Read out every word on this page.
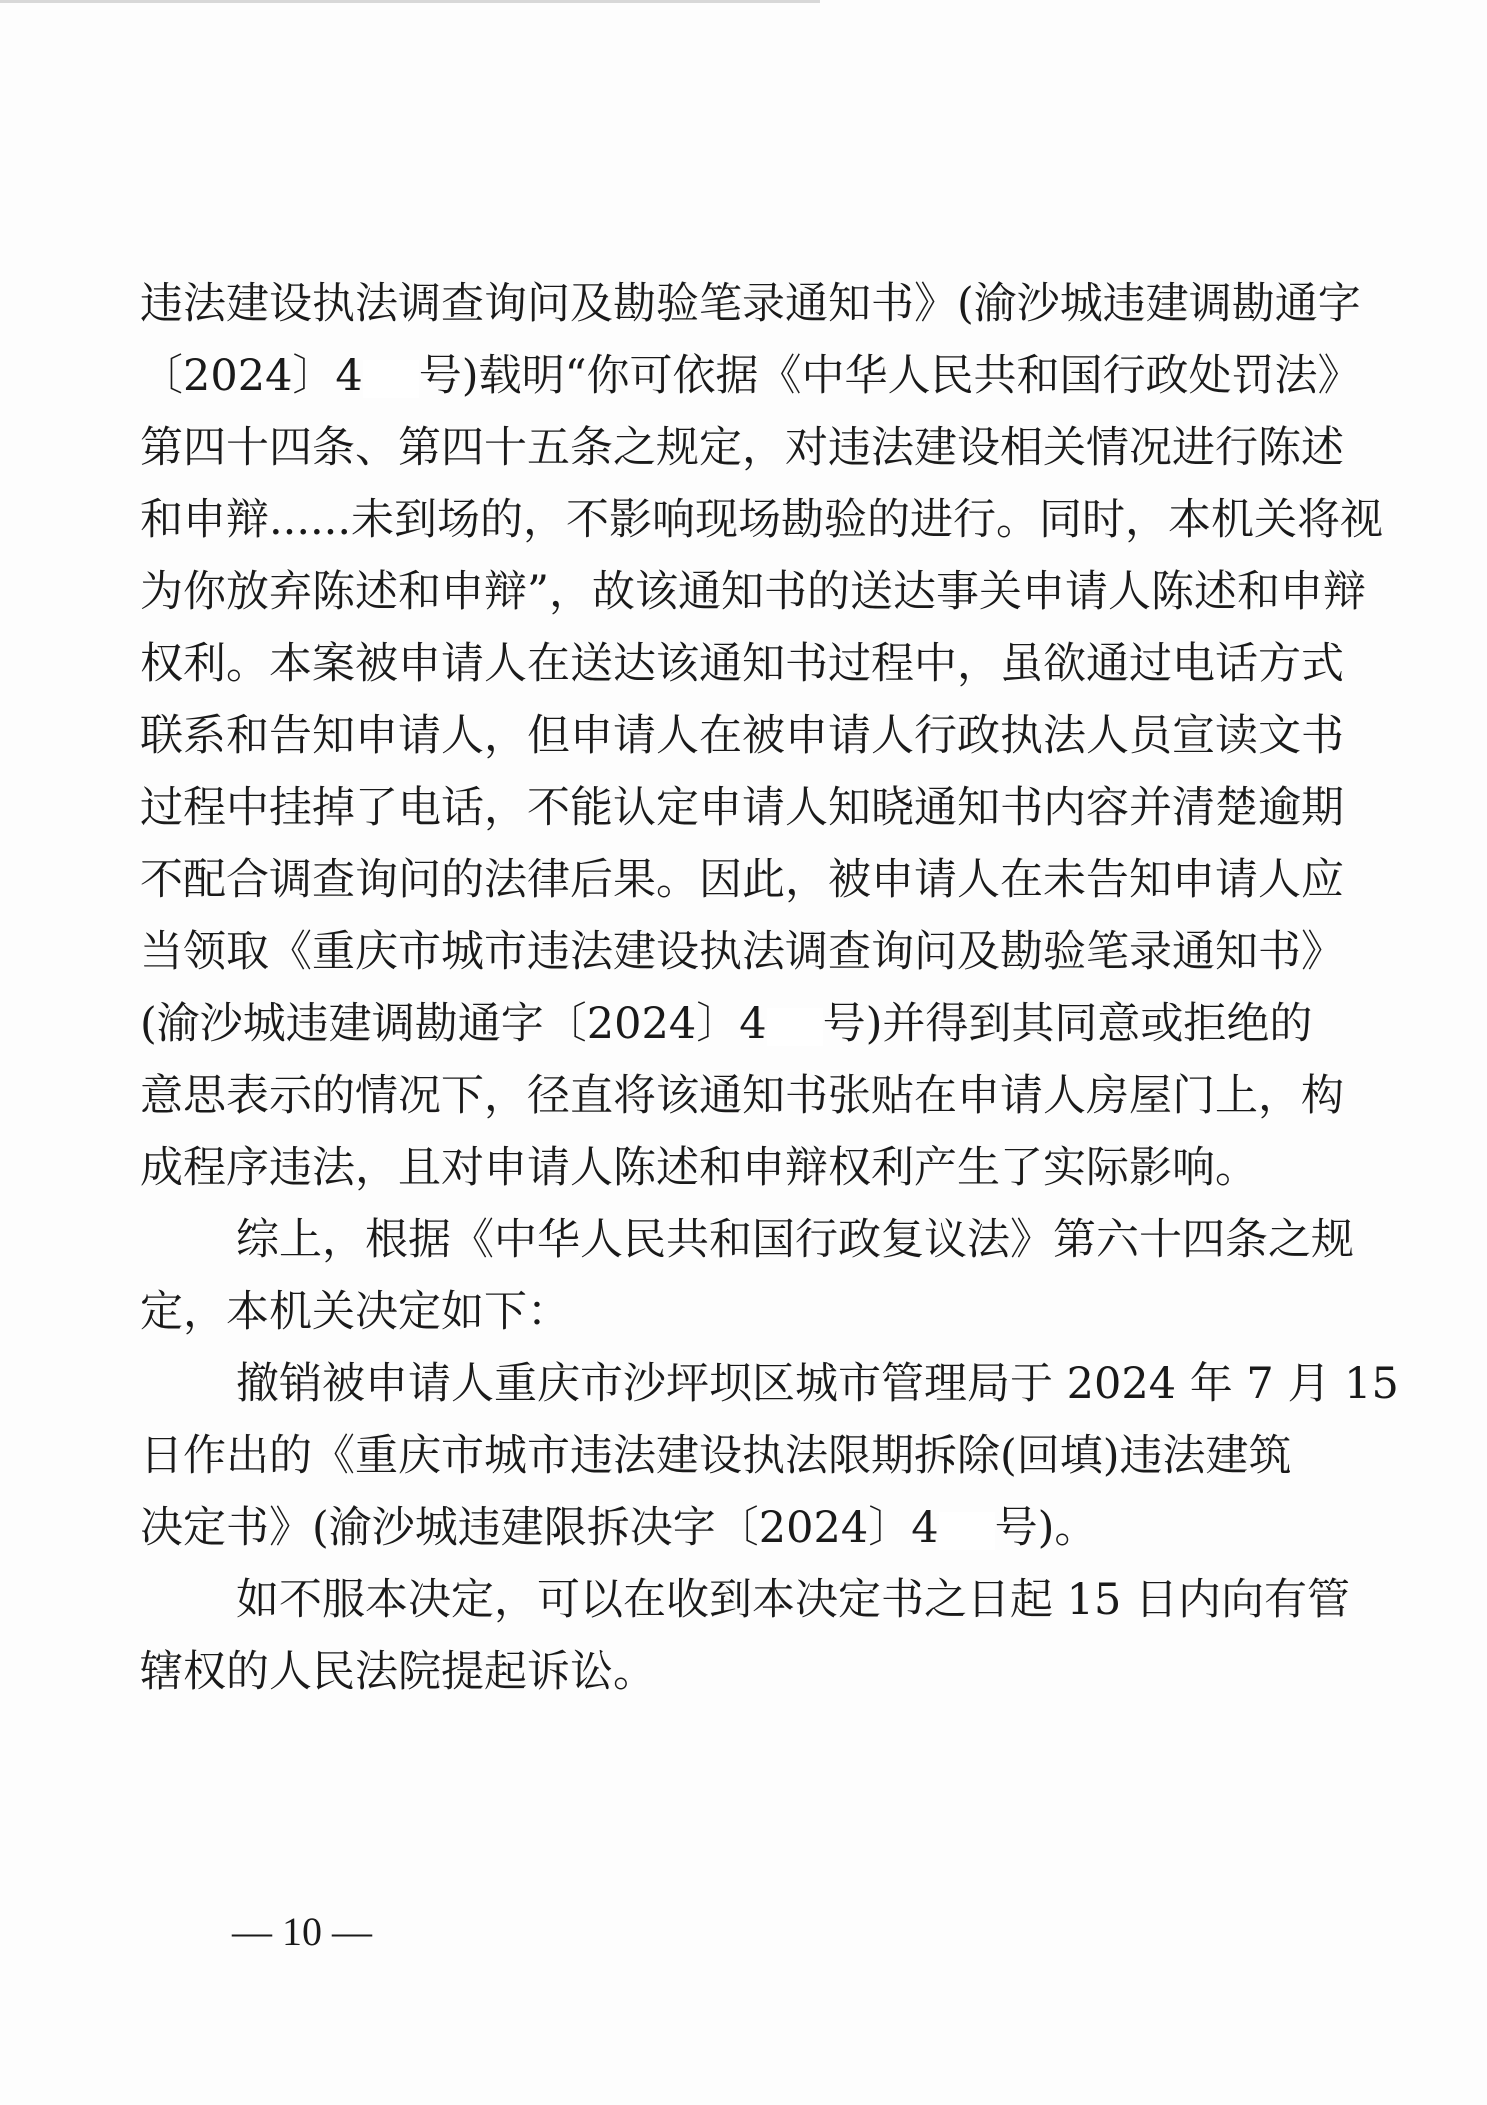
违法建设执法调查询问及勘验笔录通知书》(渝沙城违建调勘通字
〔2024〕4 号)载明“你可依据《中华人民共和国行政处罚法》
第四十四条、第四十五条之规定，对违法建设相关情况进行陈述
和申辩......未到场的，不影响现场勘验的进行。同时，本机关将视
为你放弃陈述和申辩”，故该通知书的送达事关申请人陈述和申辩
权利。本案被申请人在送达该通知书过程中，虽欲通过电话方式
联系和告知申请人，但申请人在被申请人行政执法人员宣读文书
过程中挂掉了电话，不能认定申请人知晓通知书内容并清楚逾期
不配合调查询问的法律后果。因此，被申请人在未告知申请人应
当领取《重庆市城市违法建设执法调查询问及勘验笔录通知书》
(渝沙城违建调勘通字〔2024〕4 号)并得到其同意或拒绝的
意思表示的情况下，径直将该通知书张贴在申请人房屋门上，构
成程序违法，且对申请人陈述和申辩权利产生了实际影响。
综上，根据《中华人民共和国行政复议法》第六十四条之规
定，本机关决定如下：
撤销被申请人重庆市沙坪坝区城市管理局于 2024 年 7 月 15
日作出的《重庆市城市违法建设执法限期拆除(回填)违法建筑
决定书》(渝沙城违建限拆决字〔2024〕4 号)。
如不服本决定，可以在收到本决定书之日起 15 日内向有管
辖权的人民法院提起诉讼。
— 10 —
